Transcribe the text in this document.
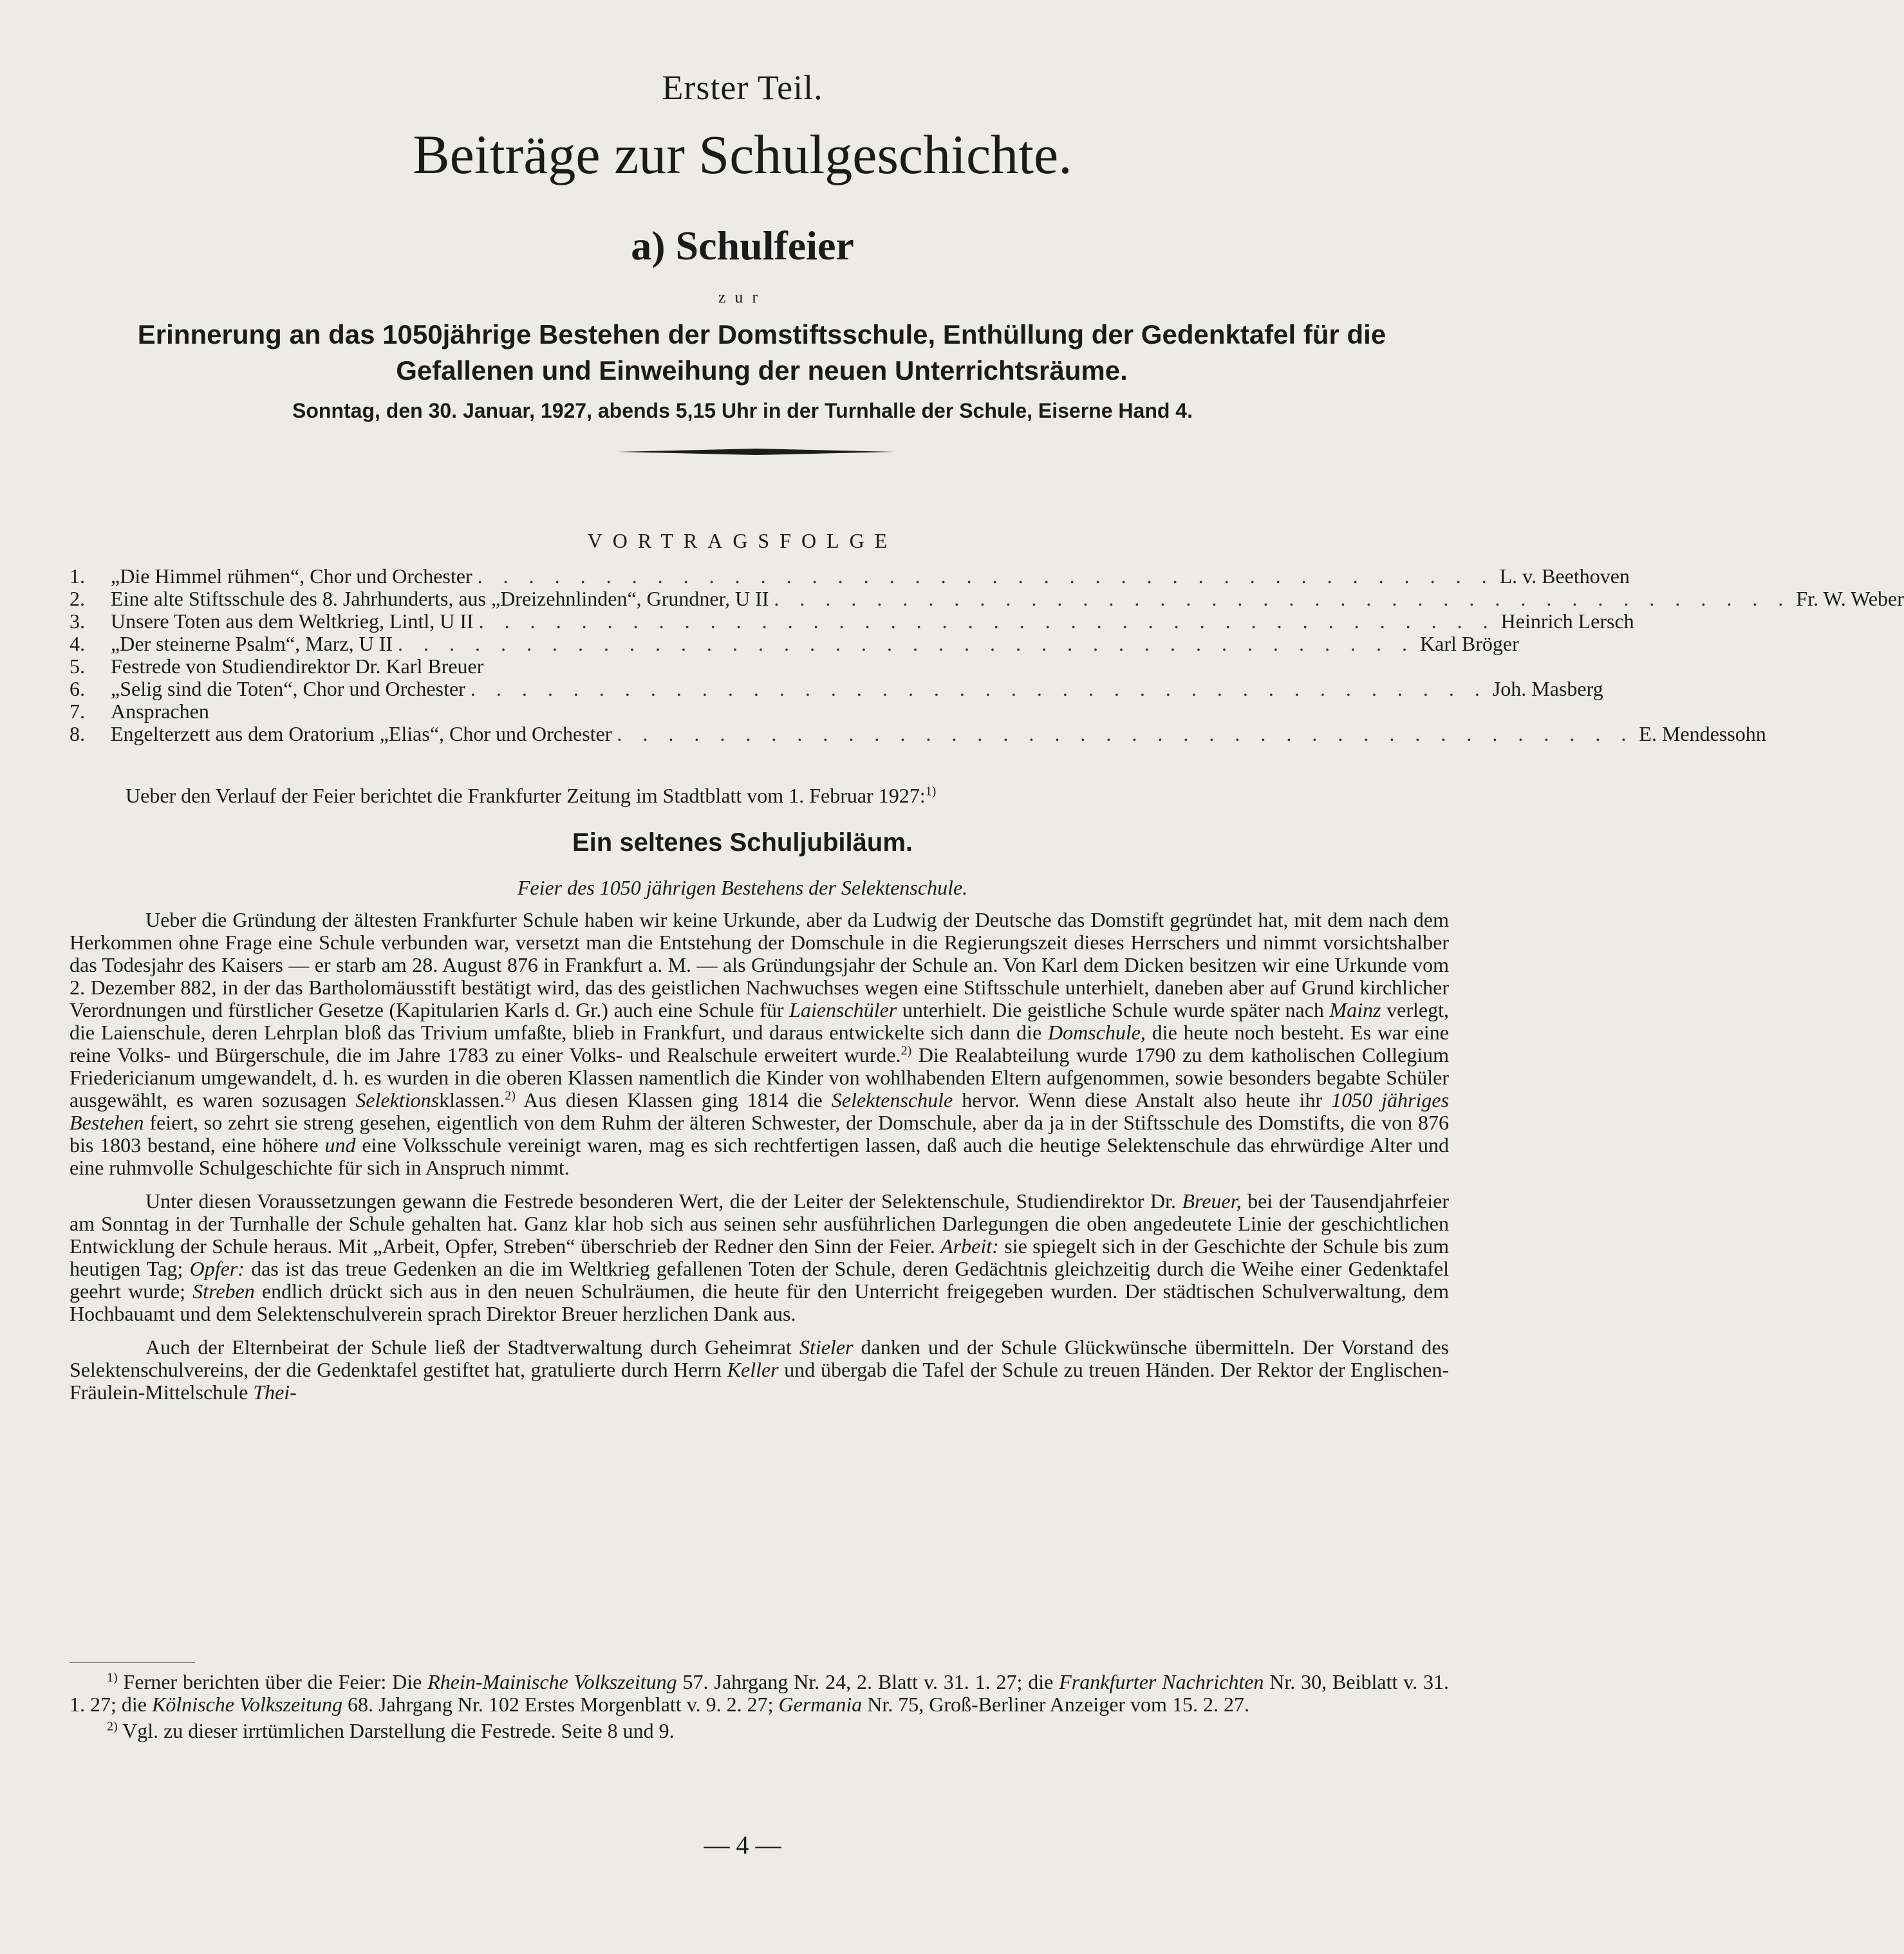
Erster Teil.
Beiträge zur Schulgeschichte.
a) Schulfeier
zur
Erinnerung an das 1050jährige Bestehen der Domstiftsschule, Enthüllung der Gedenktafel für die Gefallenen und Einweihung der neuen Unterrichtsräume.
Sonntag, den 30. Januar, 1927, abends 5,15 Uhr in der Turnhalle der Schule, Eiserne Hand 4.
VORTRAGSFOLGE
1.	„Die Himmel rühmen“, Chor und Orchester . . . . . . . . . . . . . . . . . . . . . . . . . . . . . . . . . . . . . . . . L. v. Beethoven
2.	Eine alte Stiftsschule des 8. Jahrhunderts, aus „Dreizehnlinden“, Grundner, U II . . . . . . . . . . . . . . . . . . . . . . . . . . . . . . . . . . . . . . . . Fr. W. Weber
3.	Unsere Toten aus dem Weltkrieg, Lintl, U II . . . . . . . . . . . . . . . . . . . . . . . . . . . . . . . . . . . . . . . . Heinrich Lersch
4.	„Der steinerne Psalm“, Marz, U II . . . . . . . . . . . . . . . . . . . . . . . . . . . . . . . . . . . . . . . . Karl Bröger
5.	Festrede von Studiendirektor Dr. Karl Breuer
6.	„Selig sind die Toten“, Chor und Orchester . . . . . . . . . . . . . . . . . . . . . . . . . . . . . . . . . . . . . . . . Joh. Masberg
7.	Ansprachen
8.	Engelterzett aus dem Oratorium „Elias“, Chor und Orchester . . . . . . . . . . . . . . . . . . . . . . . . . . . . . . . . . . . . . . . . E. Mendessohn
Ueber den Verlauf der Feier berichtet die Frankfurter Zeitung im Stadtblatt vom 1. Februar 1927:$^{1)}$
Ein seltenes Schuljubiläum.
Feier des 1050 jährigen Bestehens der Selektenschule.

Ueber die Gründung der ältesten Frankfurter Schule haben wir keine Urkunde, aber da Ludwig der Deutsche das Domstift gegründet hat, mit dem nach dem Herkommen ohne Frage eine Schule verbunden war, versetzt man die Entstehung der Domschule in die Regierungszeit dieses Herrschers und nimmt vorsichtshalber das Todesjahr des Kaisers — er starb am 28. August 876 in Frankfurt a. M. — als Gründungsjahr der Schule an. Von Karl dem Dicken besitzen wir eine Urkunde vom 2. Dezember 882, in der das Bartholomäusstift bestätigt wird, das des geistlichen Nachwuchses wegen eine Stiftsschule unterhielt, daneben aber auf Grund kirchlicher Verordnungen und fürstlicher Gesetze (Kapitularien Karls d. Gr.) auch eine Schule für Laienschüler unterhielt. Die geistliche Schule wurde später nach Mainz verlegt, die Laienschule, deren Lehrplan bloß das Trivium umfaßte, blieb in Frankfurt, und daraus entwickelte sich dann die Domschule, die heute noch besteht. Es war eine reine Volks- und Bürgerschule, die im Jahre 1783 zu einer Volks- und Realschule erweitert wurde.$^{2)}$ Die Realabteilung wurde 1790 zu dem katholischen Collegium Friedericianum umgewandelt, d. h. es wurden in die oberen Klassen namentlich die Kinder von wohlhabenden Eltern aufgenommen, sowie besonders begabte Schüler ausgewählt, es waren sozusagen Selektionsklassen.$^{2)}$ Aus diesen Klassen ging 1814 die Selektenschule hervor. Wenn diese Anstalt also heute ihr 1050 jähriges Bestehen feiert, so zehrt sie streng gesehen, eigentlich von dem Ruhm der älteren Schwester, der Domschule, aber da ja in der Stiftsschule des Domstifts, die von 876 bis 1803 bestand, eine höhere und eine Volksschule vereinigt waren, mag es sich rechtfertigen lassen, daß auch die heutige Selektenschule das ehrwürdige Alter und eine ruhmvolle Schulgeschichte für sich in Anspruch nimmt.

Unter diesen Voraussetzungen gewann die Festrede besonderen Wert, die der Leiter der Selektenschule, Studiendirektor Dr. Breuer, bei der Tausendjahrfeier am Sonntag in der Turnhalle der Schule gehalten hat. Ganz klar hob sich aus seinen sehr ausführlichen Darlegungen die oben angedeutete Linie der geschichtlichen Entwicklung der Schule heraus. Mit „Arbeit, Opfer, Streben“ überschrieb der Redner den Sinn der Feier. Arbeit: sie spiegelt sich in der Geschichte der Schule bis zum heutigen Tag; Opfer: das ist das treue Gedenken an die im Weltkrieg gefallenen Toten der Schule, deren Gedächtnis gleichzeitig durch die Weihe einer Gedenktafel geehrt wurde; Streben endlich drückt sich aus in den neuen Schulräumen, die heute für den Unterricht freigegeben wurden. Der städtischen Schulverwaltung, dem Hochbauamt und dem Selektenschulverein sprach Direktor Breuer herzlichen Dank aus.

Auch der Elternbeirat der Schule ließ der Stadtverwaltung durch Geheimrat Stieler danken und der Schule Glückwünsche übermitteln. Der Vorstand des Selektenschulvereins, der die Gedenktafel gestiftet hat, gratulierte durch Herrn Keller und übergab die Tafel der Schule zu treuen Händen. Der Rektor der Englischen-Fräulein-Mittelschule Thei-

$^{1)}$ Ferner berichten über die Feier: Die Rhein-Mainische Volkszeitung 57. Jahrgang Nr. 24, 2. Blatt v. 31. 1. 27; die Frankfurter Nachrichten Nr. 30, Beiblatt v. 31. 1. 27; die Kölnische Volkszeitung 68. Jahrgang Nr. 102 Erstes Morgenblatt v. 9. 2. 27; Germania Nr. 75, Groß-Berliner Anzeiger vom 15. 2. 27.

$^{2)}$ Vgl. zu dieser irrtümlichen Darstellung die Festrede. Seite 8 und 9.

— 4 —
